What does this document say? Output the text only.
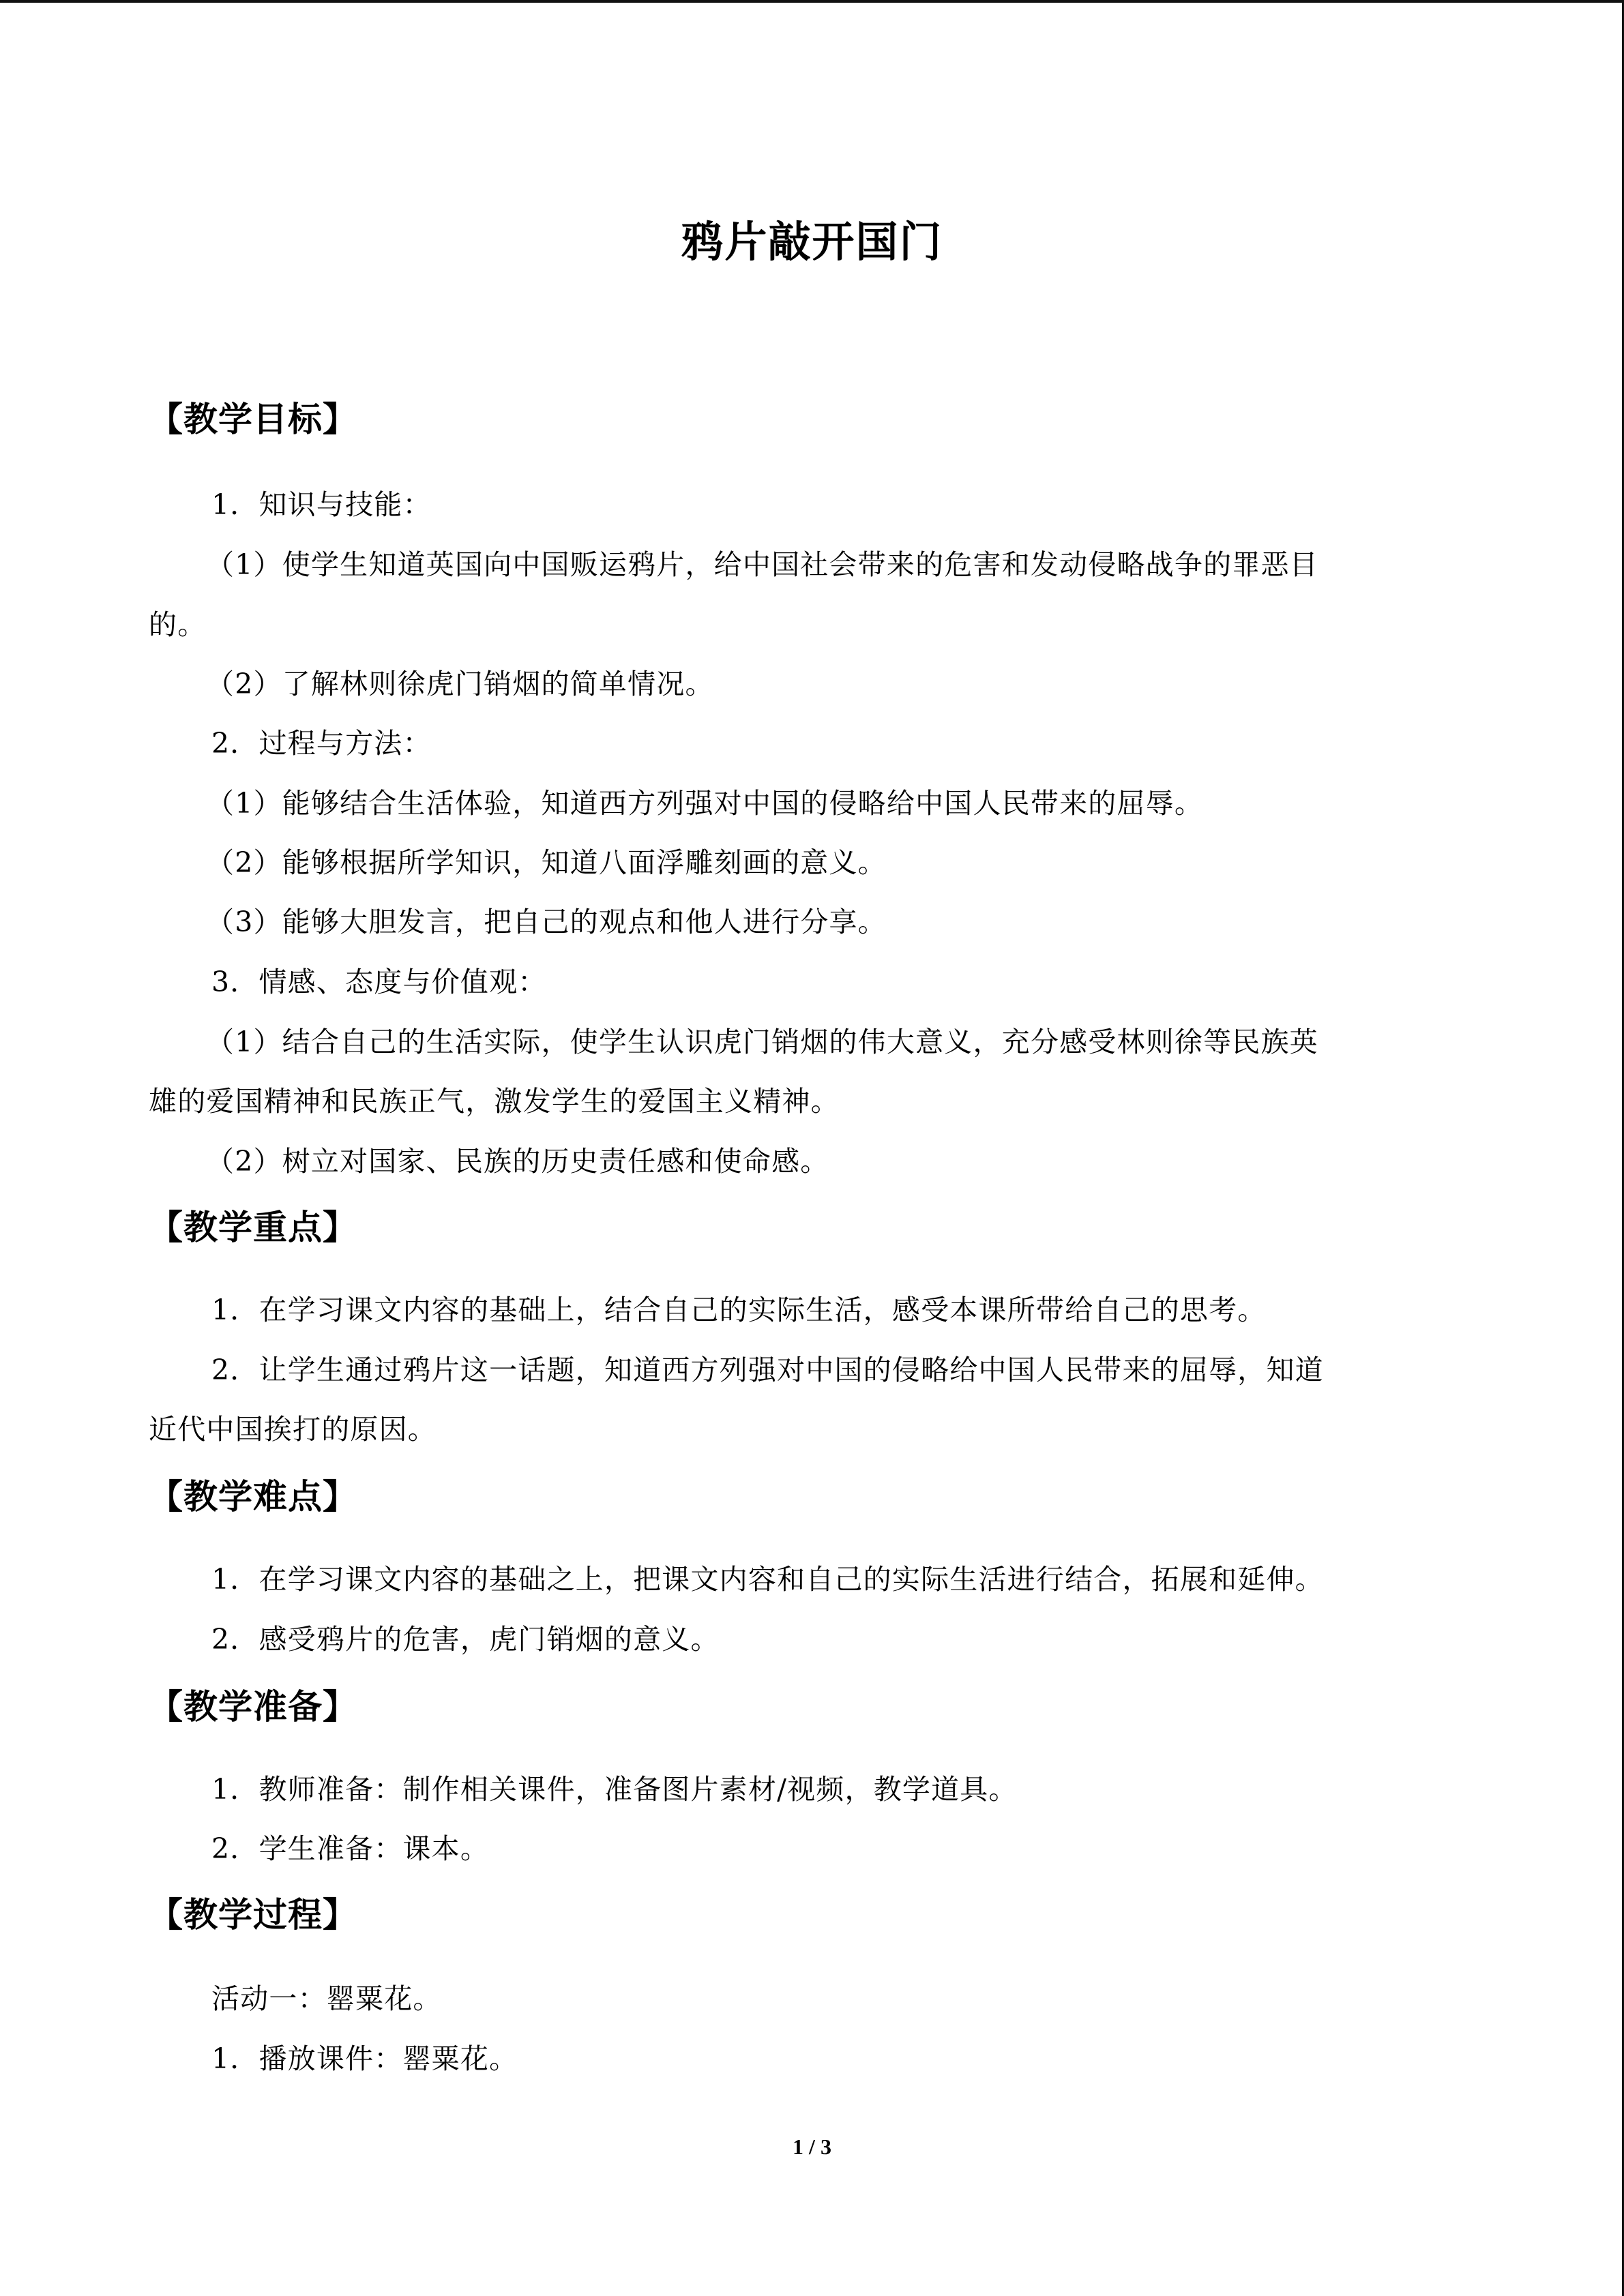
鸦片敲开国门
【教学目标】
1．知识与技能：
（1）使学生知道英国向中国贩运鸦片，给中国社会带来的危害和发动侵略战争的罪恶目
的。
（2）了解林则徐虎门销烟的简单情况。
2．过程与方法：
（1）能够结合生活体验，知道西方列强对中国的侵略给中国人民带来的屈辱。
（2）能够根据所学知识，知道八面浮雕刻画的意义。
（3）能够大胆发言，把自己的观点和他人进行分享。
3．情感、态度与价值观：
（1）结合自己的生活实际，使学生认识虎门销烟的伟大意义，充分感受林则徐等民族英
雄的爱国精神和民族正气，激发学生的爱国主义精神。
（2）树立对国家、民族的历史责任感和使命感。
【教学重点】
1．在学习课文内容的基础上，结合自己的实际生活，感受本课所带给自己的思考。
2．让学生通过鸦片这一话题，知道西方列强对中国的侵略给中国人民带来的屈辱，知道
近代中国挨打的原因。
【教学难点】
1．在学习课文内容的基础之上，把课文内容和自己的实际生活进行结合，拓展和延伸。
2．感受鸦片的危害，虎门销烟的意义。
【教学准备】
1．教师准备：制作相关课件，准备图片素材/视频，教学道具。
2．学生准备：课本。
【教学过程】
活动一：罂粟花。
1．播放课件：罂粟花。
1 / 3
